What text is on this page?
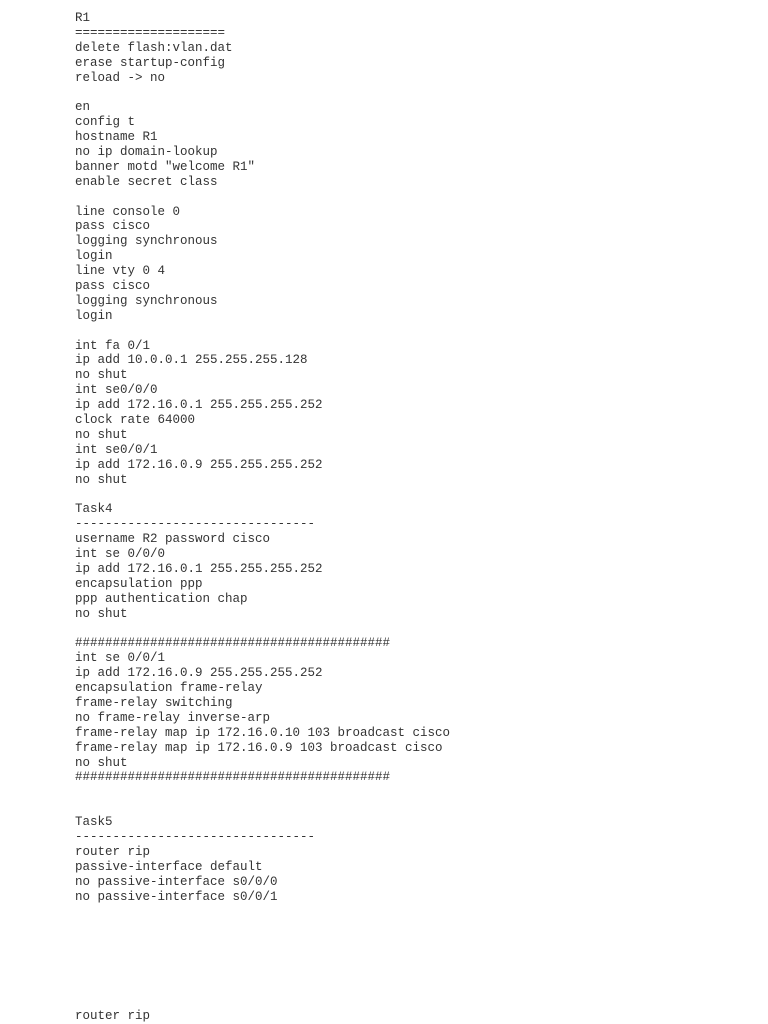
R1
====================
delete flash:vlan.dat
erase startup-config
reload -> no
en
config t
hostname R1
no ip domain-lookup
banner motd "welcome R1"
enable secret class
line console 0
pass cisco
logging synchronous
login
line vty 0 4
pass cisco
logging synchronous
login
int fa 0/1
ip add 10.0.0.1 255.255.255.128
no shut
int se0/0/0
ip add 172.16.0.1 255.255.255.252
clock rate 64000
no shut
int se0/0/1
ip add 172.16.0.9 255.255.255.252
no shut
Task4
--------------------------------
username R2 password cisco
int se 0/0/0
ip add 172.16.0.1 255.255.255.252
encapsulation ppp
ppp authentication chap
no shut
##########################################
int se 0/0/1
ip add 172.16.0.9 255.255.255.252
encapsulation frame-relay
frame-relay switching
no frame-relay inverse-arp
frame-relay map ip 172.16.0.10 103 broadcast cisco
frame-relay map ip 172.16.0.9 103 broadcast cisco
no shut
##########################################
Task5
--------------------------------
router rip
passive-interface default
no passive-interface s0/0/0
no passive-interface s0/0/1
router rip
